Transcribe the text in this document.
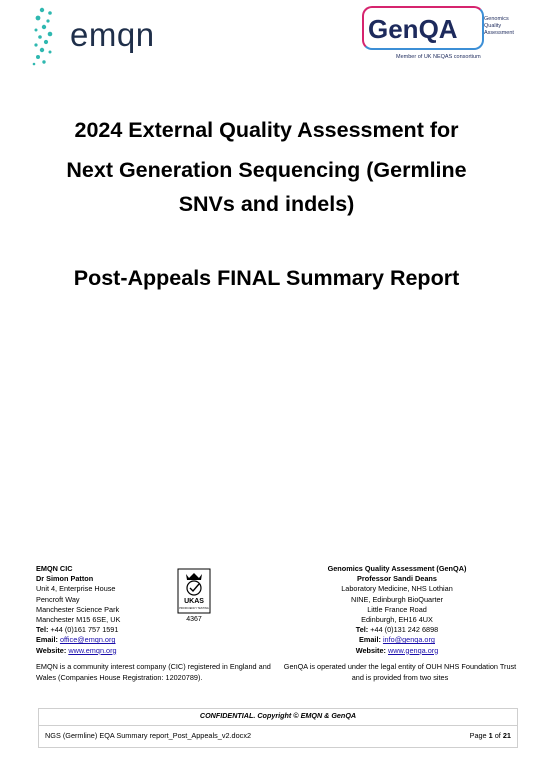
emqn	GenQA	Genomics
Quality
Assessment
Member of UK NEQAS consortium
2024 External Quality Assessment for
Next Generation Sequencing (Germline
SNVs and indels)
Post-Appeals FINAL Summary Report
EMQN CIC
Dr Simon Patton
Unit 4, Enterprise House
Pencroft Way
Manchester Science Park
Manchester M15 6SE, UK
Tel: +44 (0)161 757 1591
Email: office@emqn.org
Website: www.emqn.org
UKAS
PROFICIENCY TESTING
4367
Genomics Quality Assessment (GenQA)
Professor Sandi Deans
Laboratory Medicine, NHS Lothian
NINE, Edinburgh BioQuarter
Little France Road
Edinburgh, EH16 4UX
Tel: +44 (0)131 242 6898
Email: info@genqa.org
Website: www.genqa.org
EMQN is a community interest company (CIC) registered in England and Wales (Companies House Registration: 12020789).
GenQA is operated under the legal entity of OUH NHS Foundation Trust and is provided from two sites
CONFIDENTIAL. Copyright © EMQN & GenQA
NGS (Germline) EQA Summary report_Post_Appeals_v2.docx2	Page 1 of 21
